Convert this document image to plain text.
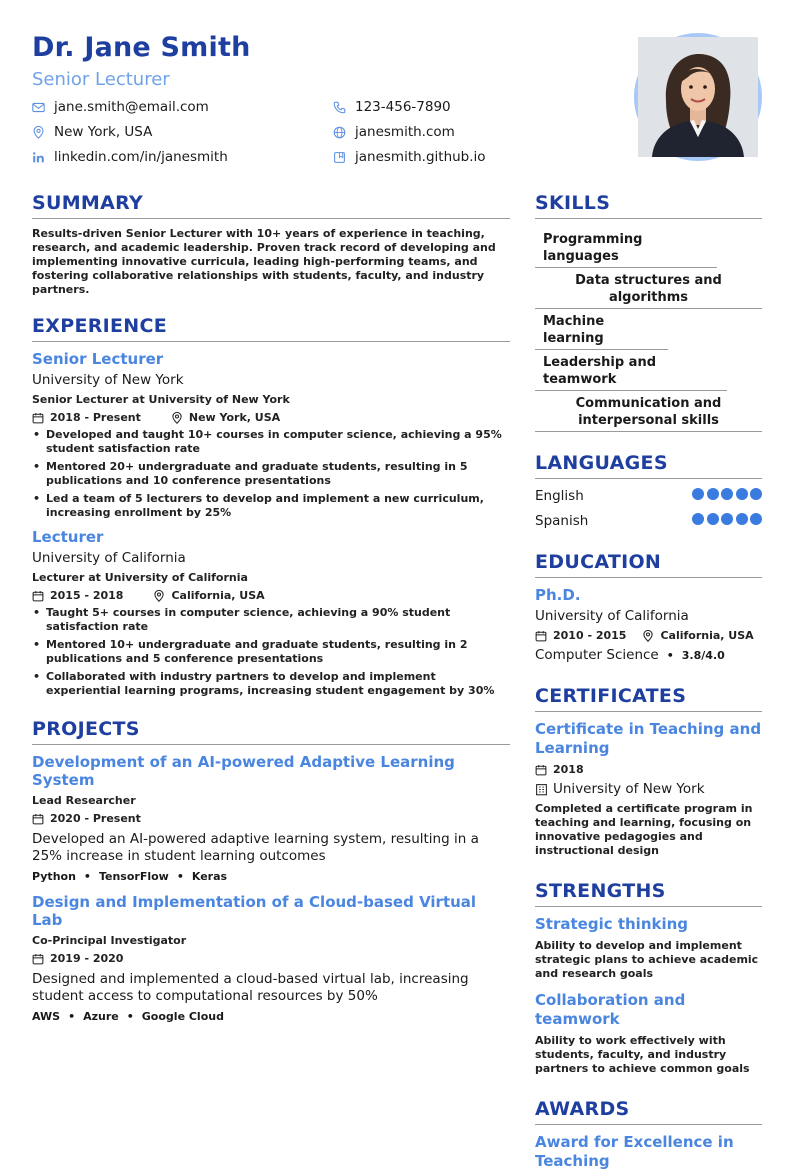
Dr. Jane Smith
Senior Lecturer
jane.smith@email.com	123-456-7890
New York, USA	janesmith.com
linkedin.com/in/janesmith	janesmith.github.io
SUMMARY
Results-driven Senior Lecturer with 10+ years of experience in teaching, research, and academic leadership. Proven track record of developing and implementing innovative curricula, leading high-performing teams, and fostering collaborative relationships with students, faculty, and industry partners.
EXPERIENCE
Senior Lecturer
University of New York
Senior Lecturer at University of New York
2018 - Present	New York, USA
• Developed and taught 10+ courses in computer science, achieving a 95% student satisfaction rate
• Mentored 20+ undergraduate and graduate students, resulting in 5 publications and 10 conference presentations
• Led a team of 5 lecturers to develop and implement a new curriculum, increasing enrollment by 25%
Lecturer
University of California
Lecturer at University of California
2015 - 2018	California, USA
• Taught 5+ courses in computer science, achieving a 90% student satisfaction rate
• Mentored 10+ undergraduate and graduate students, resulting in 2 publications and 5 conference presentations
• Collaborated with industry partners to develop and implement experiential learning programs, increasing student engagement by 30%
PROJECTS
Development of an AI-powered Adaptive Learning System
Lead Researcher
2020 - Present
Developed an AI-powered adaptive learning system, resulting in a 25% increase in student learning outcomes
Python • TensorFlow • Keras
Design and Implementation of a Cloud-based Virtual Lab
Co-Principal Investigator
2019 - 2020
Designed and implemented a cloud-based virtual lab, increasing student access to computational resources by 50%
AWS • Azure • Google Cloud
SKILLS
Programming languages
Data structures and algorithms
Machine learning
Leadership and teamwork
Communication and interpersonal skills
LANGUAGES
English
Spanish
EDUCATION
Ph.D.
University of California
2010 - 2015	California, USA
Computer Science • 3.8/4.0
CERTIFICATES
Certificate in Teaching and Learning
2018
University of New York
Completed a certificate program in teaching and learning, focusing on innovative pedagogies and instructional design
STRENGTHS
Strategic thinking
Ability to develop and implement strategic plans to achieve academic and research goals
Collaboration and teamwork
Ability to work effectively with students, faculty, and industry partners to achieve common goals
AWARDS
Award for Excellence in Teaching
